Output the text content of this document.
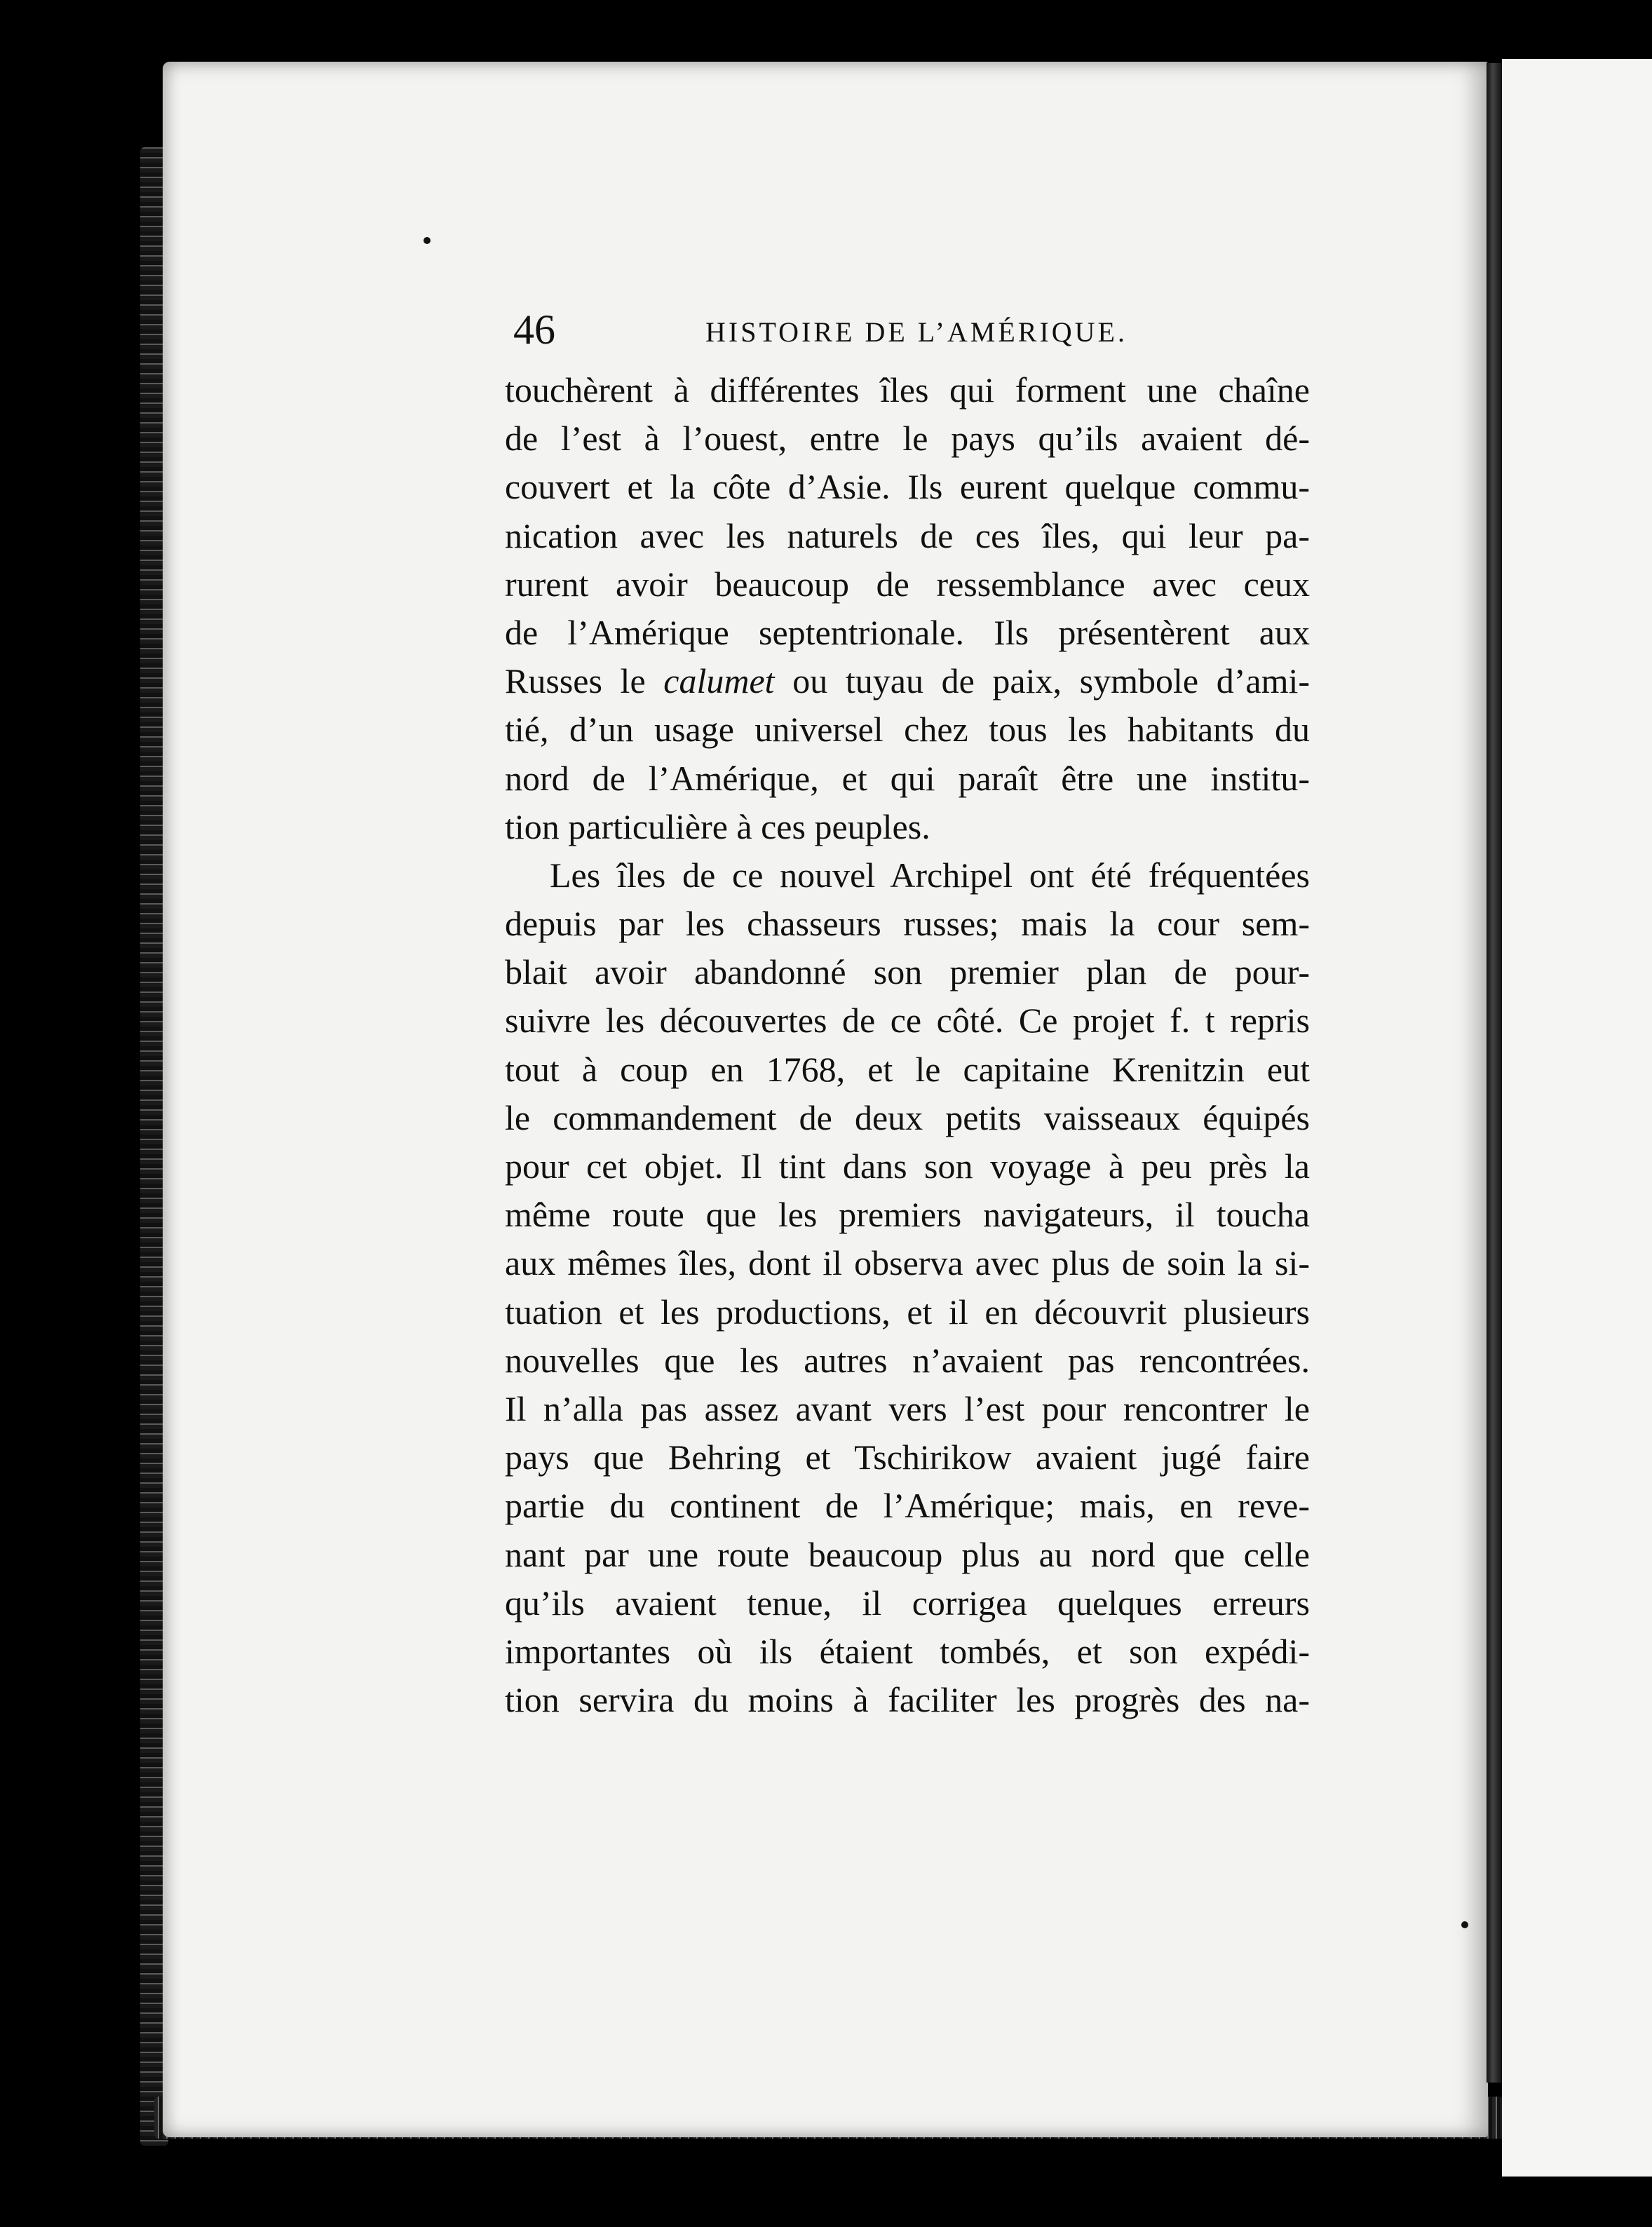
46	HISTOIRE DE L’AMÉRIQUE.
touchèrent à différentes îles qui forment une chaîne
de l’est à l’ouest, entre le pays qu’ils avaient dé-
couvert et la côte d’Asie. Ils eurent quelque commu-
nication avec les naturels de ces îles, qui leur pa-
rurent avoir beaucoup de ressemblance avec ceux
de l’Amérique septentrionale. Ils présentèrent aux
Russes le calumet ou tuyau de paix, symbole d’ami-
tié, d’un usage universel chez tous les habitants du
nord de l’Amérique, et qui paraît être une institu-
tion particulière à ces peuples.
Les îles de ce nouvel Archipel ont été fréquentées
depuis par les chasseurs russes; mais la cour sem-
blait avoir abandonné son premier plan de pour-
suivre les découvertes de ce côté. Ce projet f. t repris
tout à coup en 1768, et le capitaine Krenitzin eut
le commandement de deux petits vaisseaux équipés
pour cet objet. Il tint dans son voyage à peu près la
même route que les premiers navigateurs, il toucha
aux mêmes îles, dont il observa avec plus de soin la si-
tuation et les productions, et il en découvrit plusieurs
nouvelles que les autres n’avaient pas rencontrées.
Il n’alla pas assez avant vers l’est pour rencontrer le
pays que Behring et Tschirikow avaient jugé faire
partie du continent de l’Amérique; mais, en reve-
nant par une route beaucoup plus au nord que celle
qu’ils avaient tenue, il corrigea quelques erreurs
importantes où ils étaient tombés, et son expédi-
tion servira du moins à faciliter les progrès des na-
